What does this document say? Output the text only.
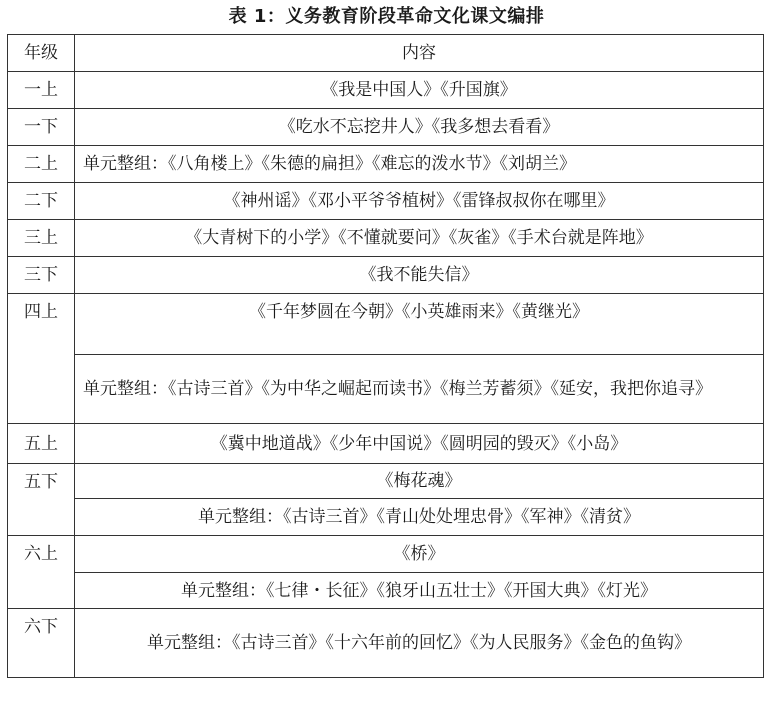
表 1：义务教育阶段革命文化课文编排
年级	内容
一上	《我是中国人》《升国旗》
一下	《吃水不忘挖井人》《我多想去看看》
二上	单元整组：《八角楼上》《朱德的扁担》《难忘的泼水节》《刘胡兰》
二下	《神州谣》《邓小平爷爷植树》《雷锋叔叔你在哪里》
三上	《大青树下的小学》《不懂就要问》《灰雀》《手术台就是阵地》
三下	《我不能失信》
四上	《千年梦圆在今朝》《小英雄雨来》《黄继光》
	单元整组：《古诗三首》《为中华之崛起而读书》《梅兰芳蓄须》《延安，我把你追寻》
五上	《冀中地道战》《少年中国说》《圆明园的毁灭》《小岛》
五下	《梅花魂》
	单元整组：《古诗三首》《青山处处埋忠骨》《军神》《清贫》
六上	《桥》
	单元整组：《七律・长征》《狼牙山五壮士》《开国大典》《灯光》
六下	单元整组：《古诗三首》《十六年前的回忆》《为人民服务》《金色的鱼钩》
